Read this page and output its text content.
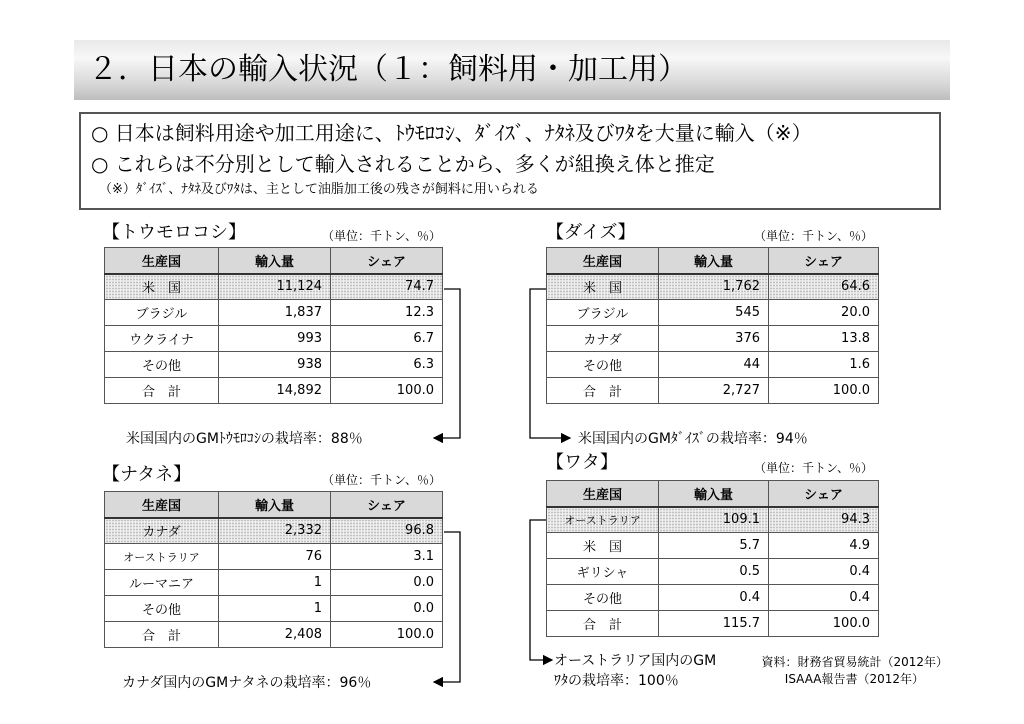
２．日本の輸入状況（１：飼料用・加工用）
○ 日本は飼料用途や加工用途に、ﾄｳﾓﾛｺｼ、ﾀﾞｲｽﾞ、ﾅﾀﾈ及びﾜﾀを大量に輸入（※）
○ これらは不分別として輸入されることから、多くが組換え体と推定
（※）ﾀﾞｲｽﾞ、ﾅﾀﾈ及びﾜﾀは、主として油脂加工後の残さが飼料に用いられる
【トウモロコシ】	（単位：千トン、％）
生産国	輸入量	シェア
米　国	11,124	74.7
ブラジル	1,837	12.3
ウクライナ	993	6.7
その他	938	6.3
合　計	14,892	100.0
米国国内のGMﾄｳﾓﾛｺｼの栽培率：88％
【ダイズ】	（単位：千トン、％）
生産国	輸入量	シェア
米　国	1,762	64.6
ブラジル	545	20.0
カナダ	376	13.8
その他	44	1.6
合　計	2,727	100.0
米国国内のGMﾀﾞｲｽﾞの栽培率：94％
【ナタネ】	（単位：千トン、％）
生産国	輸入量	シェア
カナダ	2,332	96.8
オーストラリア	76	3.1
ルーマニア	1	0.0
その他	1	0.0
合　計	2,408	100.0
カナダ国内のGMナタネの栽培率：96％
【ワタ】	（単位：千トン、％）
生産国	輸入量	シェア
オーストラリア	109.1	94.3
米　国	5.7	4.9
ギリシャ	0.5	0.4
その他	0.4	0.4
合　計	115.7	100.0
オーストラリア国内のGM
ﾜﾀの栽培率：100％
資料：財務省貿易統計（2012年）
ISAAA報告書（2012年）
